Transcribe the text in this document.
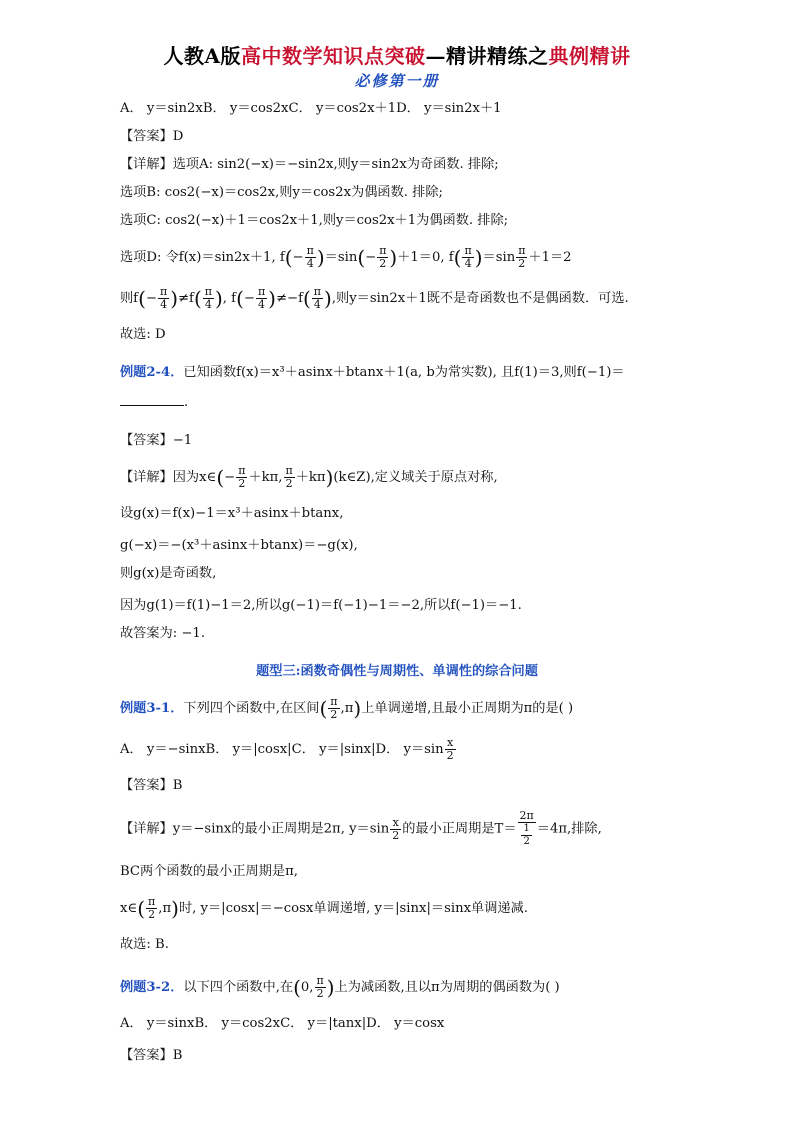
人教A版高中数学知识点突破—精讲精练之典例精讲
必修第一册

A． y＝sin2xB． y＝cos2xC． y＝cos2x＋1D． y＝sin2x＋1

【答案】D

【详解】选项A: sin2(−x)＝−sin2x,则y＝sin2x为奇函数. 排除;

选项B: cos2(−x)＝cos2x,则y＝cos2x为偶函数. 排除;

选项C: cos2(−x)＋1＝cos2x＋1,则y＝cos2x＋1为偶函数. 排除;

选项D: 令f(x)＝sin2x＋1, $f(- \frac{\pi}{4} )=\sin(- \frac{\pi}{2} )+1=0$, $f( \frac{\pi}{4} )=\sin \frac{\pi}{2} +1=2$

则$f(- \frac{\pi}{4} )\ne f( \frac{\pi}{4}$ ), $f(- \frac{\pi}{4} )\ne-f( \frac{\pi}{4}$ ),则y＝sin2x＋1既不是奇函数也不是偶函数．可选.

故选: D

例题2-4．已知函数f(x)＝x³＋asinx＋btanx＋1(a, b为常实数), 且f(1)＝3,则f(−1)＝

.

【答案】−1

【详解】因为x∈(− $\frac{\pi}{2} +k\pi$, $\frac{\pi}{2}$ ＋kπ)(k∈Z),定义域关于原点对称,

设g(x)＝f(x)−1＝x³＋asinx＋btanx,

g(−x)＝−(x³＋asinx＋btanx)＝−g(x),

则g(x)是奇函数,

因为g(1)＝f(1)−1＝2,所以g(−1)＝f(−1)−1＝−2,所以f(−1)＝−1.

故答案为: −1.

题型三:函数奇偶性与周期性、单调性的综合问题

例题3-1．下列四个函数中,在区间( $\frac{\pi}{2} ,\pi$)上单调递增,且最小正周期为π的是( )

A． y＝−sinxB． y＝|cosx|C． y＝|sinx|D． $y=\sin \frac{x}{2}$

【答案】B

【详解】y＝−sinx的最小正周期是2π, $y=\sin \frac{x}{2}$ 的最小正周期是$T= \frac{2\pi}{\frac{1}{2}} =4\pi$,排除,

BC两个函数的最小正周期是π,

x∈( $\frac{\pi}{2} ,\pi$)时, y＝|cosx|＝−cosx单调递增, y＝|sinx|＝sinx单调递减.

故选: B.

例题3-2．以下四个函数中,在(0, $\frac{\pi}{2}$ )上为减函数,且以π为周期的偶函数为( )

A． y＝sinxB． y＝cos2xC． y＝|tanx|D． y＝cosx

【答案】B
